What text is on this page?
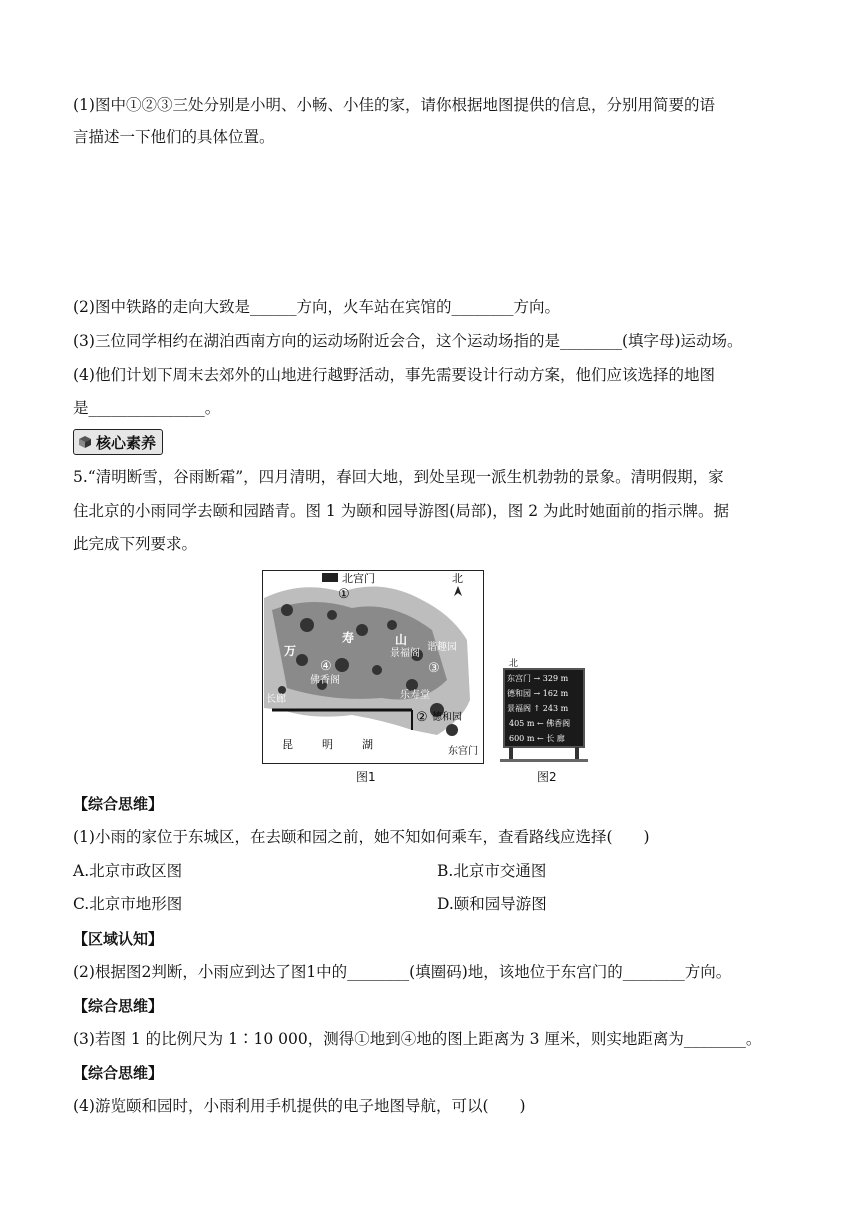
(1)图中①②③三处分别是小明、小畅、小佳的家，请你根据地图提供的信息，分别用简要的语
言描述一下他们的具体位置。
(2)图中铁路的走向大致是______方向，火车站在宾馆的________方向。
(3)三位同学相约在湖泊西南方向的运动场附近会合，这个运动场指的是________(填字母)运动场。
(4)他们计划下周末去郊外的山地进行越野活动，事先需要设计行动方案，他们应该选择的地图
是_______________。
核心素养
5.“清明断雪，谷雨断霜”，四月清明，春回大地，到处呈现一派生机勃勃的景象。清明假期，家
住北京的小雨同学去颐和园踏青。图 1 为颐和园导游图(局部)，图 2 为此时她面前的指示牌。据
此完成下列要求。
北宫门	北
①
万
寿	山
景福阁
谐趣园
③
④
佛香阁
长廊	乐寿堂
② 德和园
昆	明	湖
东宫门
图1
北
东宫门 → 329 m
德和园 → 162 m
景福阁 ↑ 243 m
405 m ← 佛香阁
600 m ← 长 廊
图2
【综合思维】
(1)小雨的家位于东城区，在去颐和园之前，她不知如何乘车，查看路线应选择(　　)
A.北京市政区图	B.北京市交通图
C.北京市地形图	D.颐和园导游图
【区域认知】
(2)根据图2判断，小雨应到达了图1中的________(填圈码)地，该地位于东宫门的________方向。
【综合思维】
(3)若图 1 的比例尺为 1∶10 000，测得①地到④地的图上距离为 3 厘米，则实地距离为________。
【综合思维】
(4)游览颐和园时，小雨利用手机提供的电子地图导航，可以(　　)
